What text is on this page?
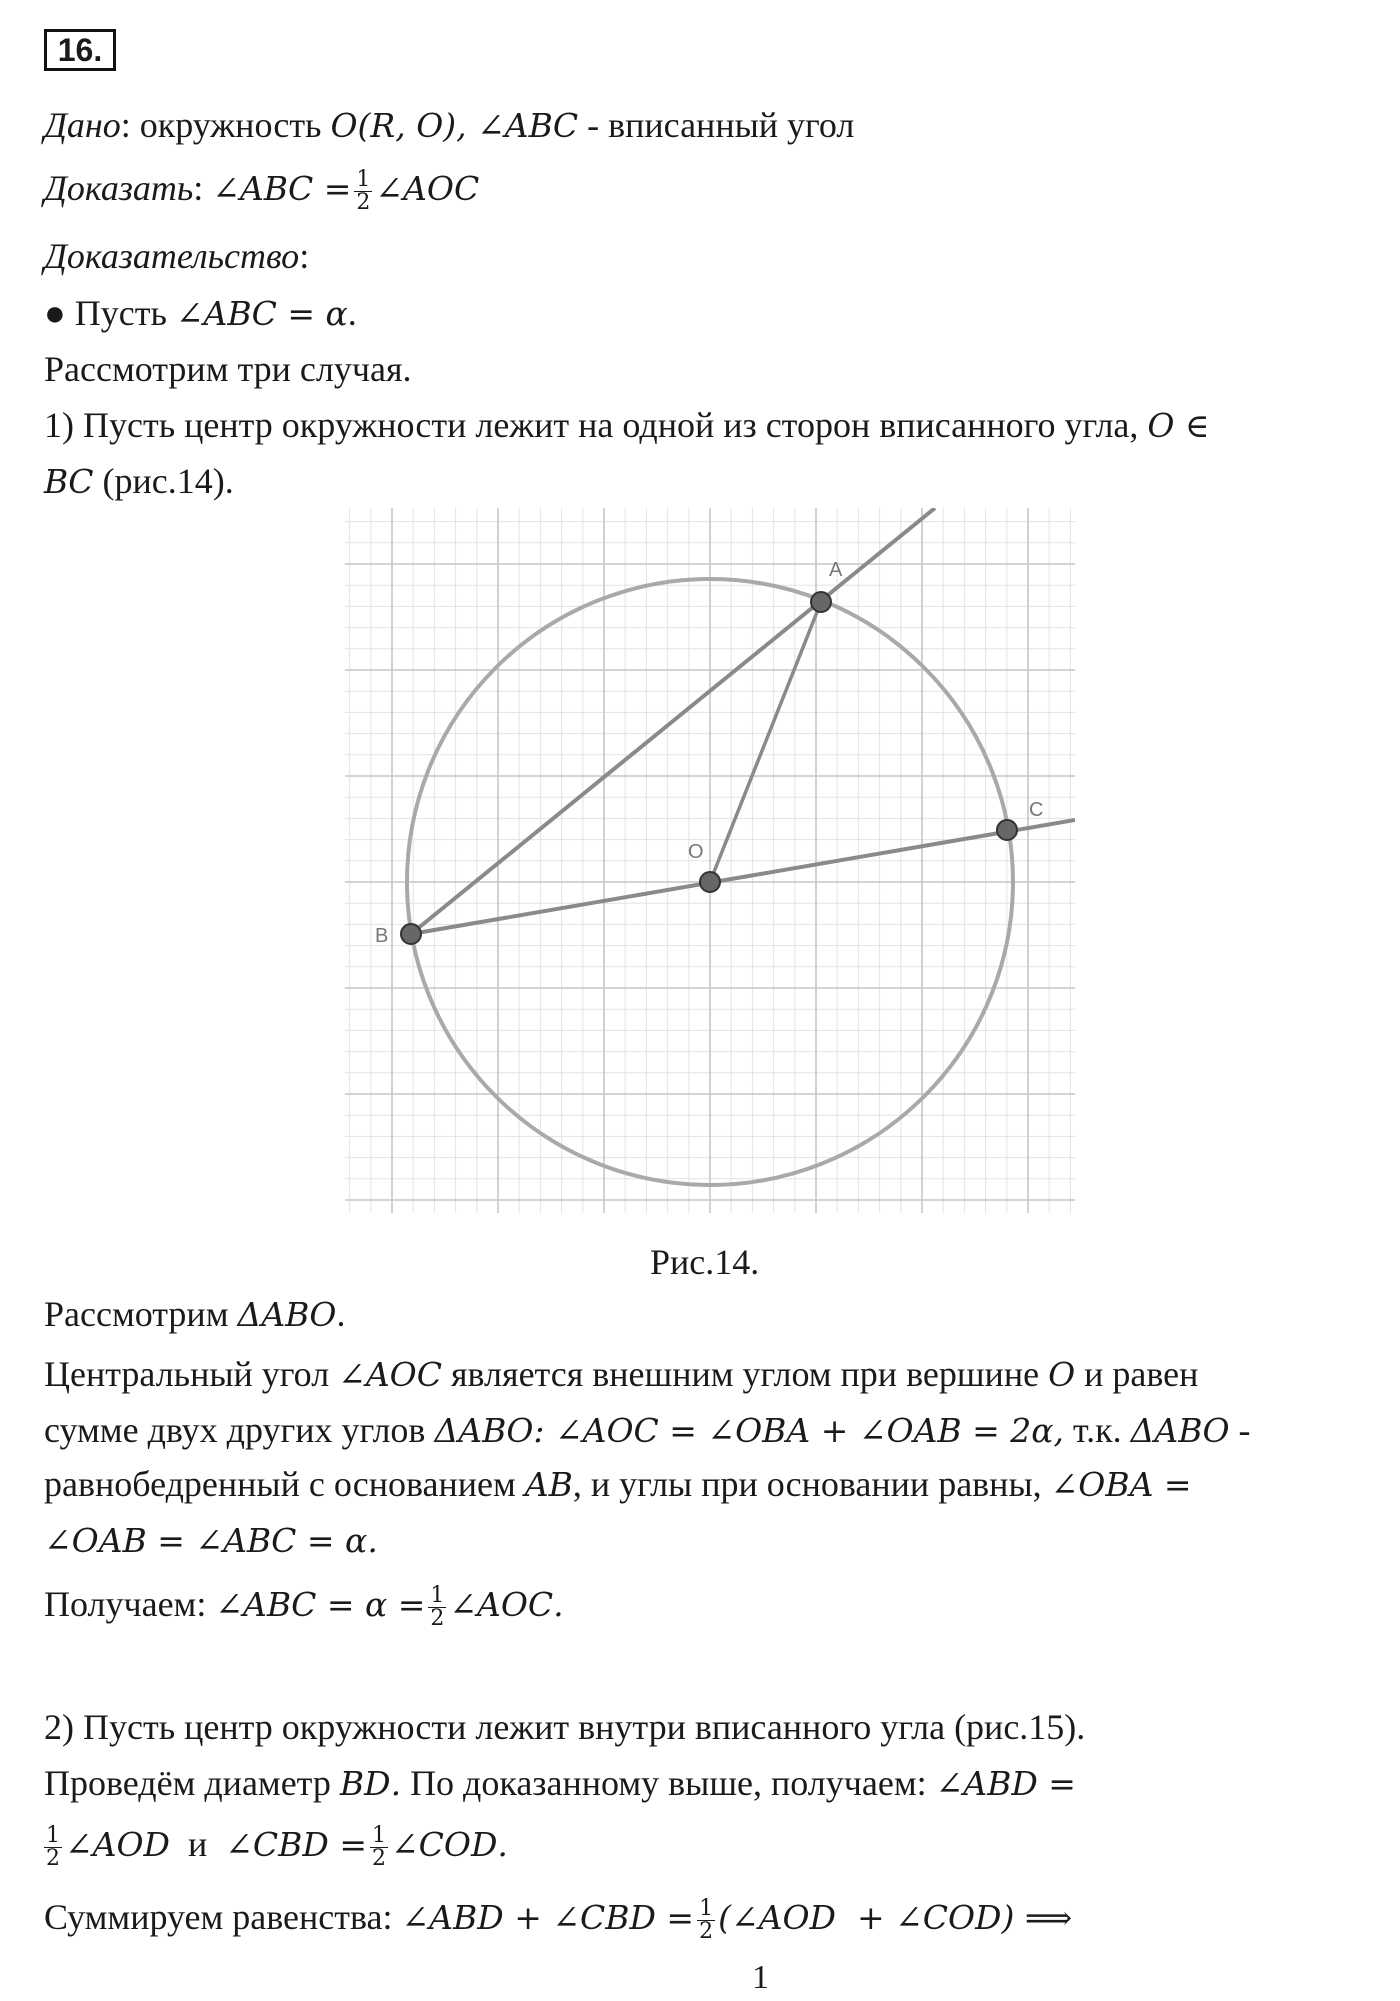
16.
Дано: окружность 𝑂(𝑅, 𝑂), ∠𝐴𝐵𝐶 - вписанный угол
Доказать: ∠𝐴𝐵𝐶 = $\frac{1}{2}$ ∠𝐴𝑂𝐶
Доказательство:
● Пусть ∠𝐴𝐵𝐶 = 𝛼.
Рассмотрим три случая.
1) Пусть центр окружности лежит на одной из сторон вписанного угла, 𝑂 ∈
𝐵𝐶 (рис.14).
A
B
C
O
Рис.14.
Рассмотрим 𝛥𝐴𝐵𝑂.
Центральный угол ∠𝐴𝑂𝐶 является внешним углом при вершине 𝑂 и равен
сумме двух других углов 𝛥𝐴𝐵𝑂: ∠𝐴𝑂𝐶 = ∠𝑂𝐵𝐴 + ∠𝑂𝐴𝐵 = 2𝛼, т.к. 𝛥𝐴𝐵𝑂 -
равнобедренный с основанием 𝐴𝐵, и углы при основании равны, ∠𝑂𝐵𝐴 =
∠𝑂𝐴𝐵 = ∠𝐴𝐵𝐶 = 𝛼.
Получаем: ∠𝐴𝐵𝐶 = 𝛼 = $\frac{1}{2}$ ∠𝐴𝑂𝐶.
2) Пусть центр окружности лежит внутри вписанного угла (рис.15).
Проведём диаметр 𝐵𝐷. По доказанному выше, получаем: ∠𝐴𝐵𝐷 =
$\frac{1}{2}$ ∠𝐴𝑂𝐷  и  ∠𝐶𝐵𝐷 = $\frac{1}{2}$ ∠𝐶𝑂𝐷.
Суммируем равенства: ∠𝐴𝐵𝐷 + ∠𝐶𝐵𝐷 = $\frac{1}{2}$ (∠𝐴𝑂𝐷  + ∠𝐶𝑂𝐷) ⟹
1
